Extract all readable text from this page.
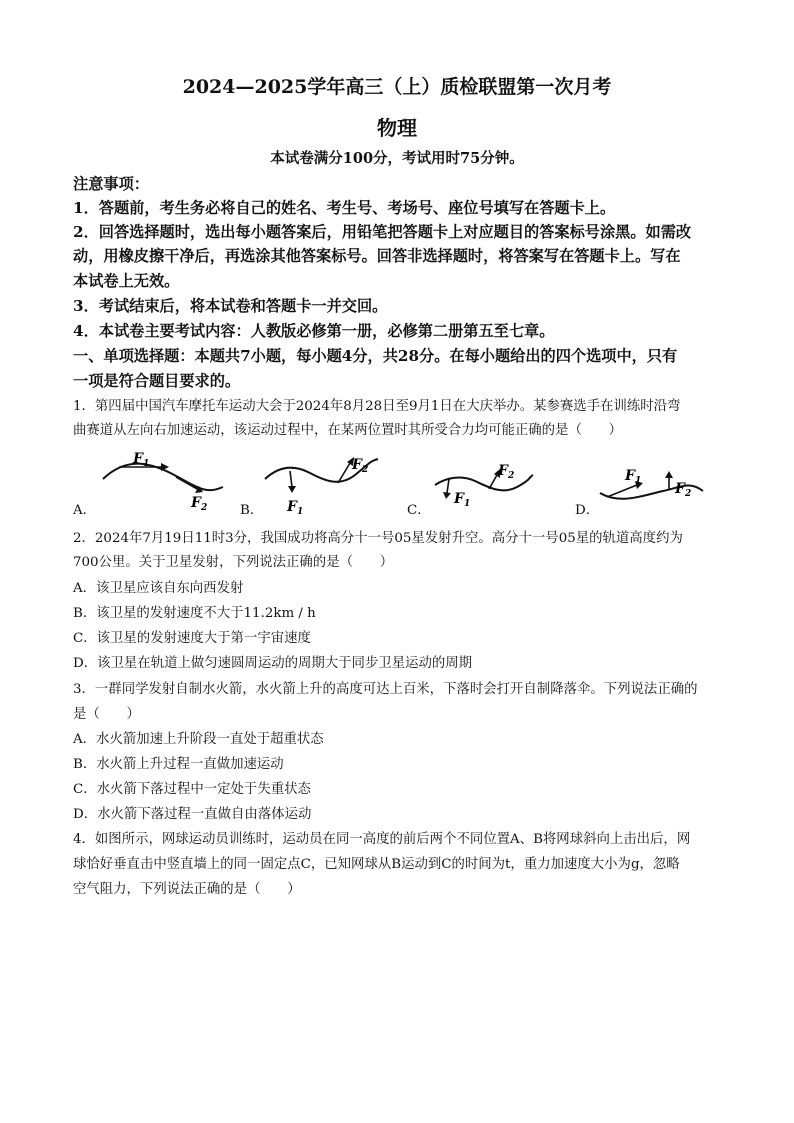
2024—2025学年高三（上）质检联盟第一次月考
物理
本试卷满分100分，考试用时75分钟。
注意事项：
1．答题前，考生务必将自己的姓名、考生号、考场号、座位号填写在答题卡上。
2．回答选择题时，选出每小题答案后，用铅笔把答题卡上对应题目的答案标号涂黑。如需改
动，用橡皮擦干净后，再选涂其他答案标号。回答非选择题时，将答案写在答题卡上。写在
本试卷上无效。
3．考试结束后，将本试卷和答题卡一并交回。
4．本试卷主要考试内容：人教版必修第一册，必修第二册第五至七章。
一、单项选择题：本题共7小题，每小题4分，共28分。在每小题给出的四个选项中，只有
一项是符合题目要求的。
1．第四届中国汽车摩托车运动大会于2024年8月28日至9月1日在大庆举办。某参赛选手在训练时沿弯
曲赛道从左向右加速运动，该运动过程中，在某两位置时其所受合力均可能正确的是（　　）
$F_1$
$F_2$
A．	$F_1$
$F_2$
B．
$F_1$
$F_2$
C．
$F_1$ $F_2$
D．
2．2024年7月19日11时3分，我国成功将高分十一号05星发射升空。高分十一号05星的轨道高度约为
700公里。关于卫星发射，下列说法正确的是（　　）
A．该卫星应该自东向西发射
B．该卫星的发射速度不大于11.2km / h
C．该卫星的发射速度大于第一宇宙速度
D．该卫星在轨道上做匀速圆周运动的周期大于同步卫星运动的周期
3．一群同学发射自制水火箭，水火箭上升的高度可达上百米，下落时会打开自制降落伞。下列说法正确的
是（　　）
A．水火箭加速上升阶段一直处于超重状态
B．水火箭上升过程一直做加速运动
C．水火箭下落过程中一定处于失重状态
D．水火箭下落过程一直做自由落体运动
4．如图所示，网球运动员训练时，运动员在同一高度的前后两个不同位置A、B将网球斜向上击出后，网
球恰好垂直击中竖直墙上的同一固定点C，已知网球从B运动到C的时间为t，重力加速度大小为g，忽略
空气阻力，下列说法正确的是（　　）
